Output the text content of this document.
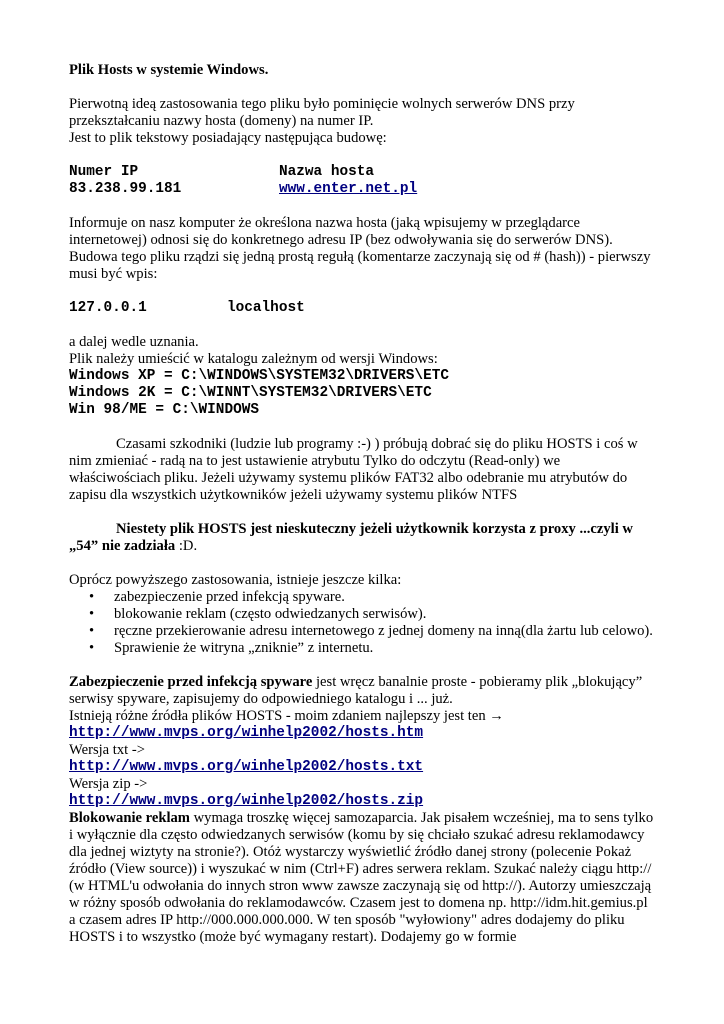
Plik Hosts w systemie Windows.

Pierwotną ideą zastosowania tego pliku było pominięcie wolnych serwerów DNS przy

przekształcaniu nazwy hosta (domeny) na numer IP.

Jest to plik tekstowy posiadający następująca budowę:

Numer IP	Nazwa hosta
83.238.99.181	www.enter.net.pl

Informuje on nasz komputer że określona nazwa hosta (jaką wpisujemy w przeglądarce

internetowej) odnosi się do konkretnego adresu IP (bez odwoływania się do serwerów DNS).

Budowa tego pliku rządzi się jedną prostą regułą (komentarze zaczynają się od # (hash)) - pierwszy

musi być wpis:

127.0.0.1	localhost

a dalej wedle uznania.

Plik należy umieścić w katalogu zależnym od wersji Windows:

Windows XP = C:\WINDOWS\SYSTEM32\DRIVERS\ETC

Windows 2K = C:\WINNT\SYSTEM32\DRIVERS\ETC

Win 98/ME = C:\WINDOWS

Czasami szkodniki (ludzie lub programy :-) ) próbują dobrać się do pliku HOSTS i coś w

nim zmieniać - radą na to jest ustawienie atrybutu Tylko do odczytu (Read-only) we

właściwościach pliku. Jeżeli używamy systemu plików FAT32 albo odebranie mu atrybutów do

zapisu dla wszystkich użytkowników jeżeli używamy systemu plików NTFS

Niestety plik HOSTS jest nieskuteczny jeżeli użytkownik korzysta z proxy ...czyli w

„54” nie zadziała :D.

Oprócz powyższego zastosowania, istnieje jeszcze kilka:

• zabezpieczenie przed infekcją spyware.
• blokowanie reklam (często odwiedzanych serwisów).
• ręczne przekierowanie adresu internetowego z jednej domeny na inną(dla żartu lub celowo).
• Sprawienie że witryna „zniknie” z internetu.

Zabezpieczenie przed infekcją spyware jest wręcz banalnie proste - pobieramy plik „blokujący”

serwisy spyware, zapisujemy do odpowiedniego katalogu i ... już.

Istnieją różne źródła plików HOSTS - moim zdaniem najlepszy jest ten →

http://www.mvps.org/winhelp2002/hosts.htm

Wersja txt ->

http://www.mvps.org/winhelp2002/hosts.txt

Wersja zip ->

http://www.mvps.org/winhelp2002/hosts.zip

Blokowanie reklam wymaga troszkę więcej samozaparcia. Jak pisałem wcześniej, ma to sens tylko

i wyłącznie dla często odwiedzanych serwisów (komu by się chciało szukać adresu reklamodawcy

dla jednej wiztyty na stronie?). Otóż wystarczy wyświetlić źródło danej strony (polecenie Pokaż

źródło (View source)) i wyszukać w nim (Ctrl+F) adres serwera reklam. Szukać należy ciągu http://

(w HTML'u odwołania do innych stron www zawsze zaczynają się od http://). Autorzy umieszczają

w różny sposób odwołania do reklamodawców. Czasem jest to domena np. http://idm.hit.gemius.pl

a czasem adres IP http://000.000.000.000. W ten sposób "wyłowiony" adres dodajemy do pliku

HOSTS i to wszystko (może być wymagany restart). Dodajemy go w formie
